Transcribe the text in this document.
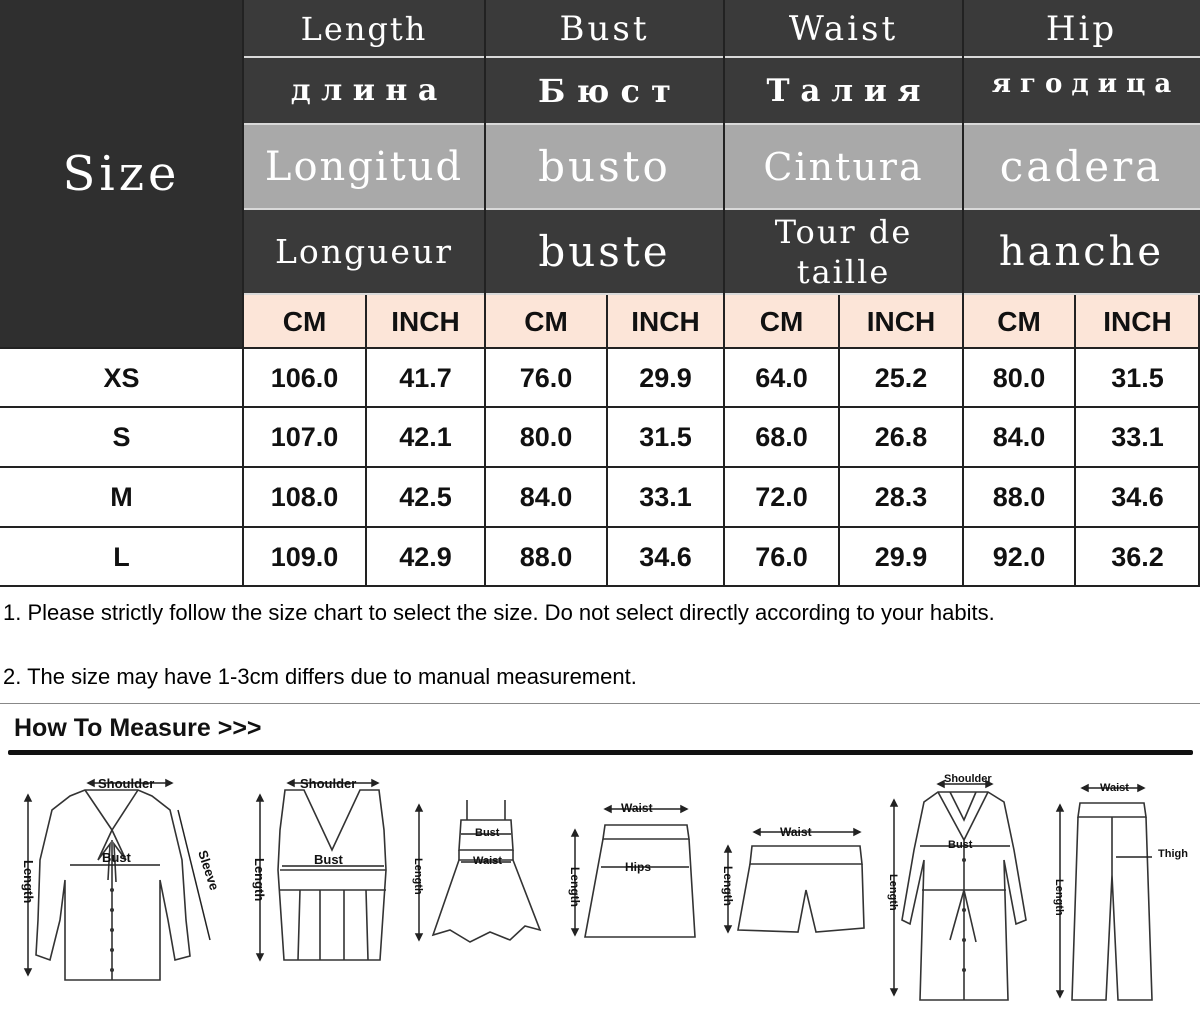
Size
Length
д л и н а
Longitud
Longueur
Bust
Б ю с т
busto
buste
Waist
Т а л и я
Cintura
Tour de taille
Hip
я г о д и ц а
cadera
hanche
CM	INCH	CM	INCH	CM	INCH	CM	INCH
XS	106.0	41.7	76.0	29.9	64.0	25.2	80.0	31.5
S	107.0	42.1	80.0	31.5	68.0	26.8	84.0	33.1
M	108.0	42.5	84.0	33.1	72.0	28.3	88.0	34.6
L	109.0	42.9	88.0	34.6	76.0	29.9	92.0	36.2
1. Please strictly follow the size chart to select the size. Do not select directly according to your habits.
2. The size may have 1-3cm differs due to manual measurement.
How To Measure >>>
Shoulder
Bust	Sleeve
Length
Shoulder
Bust
Length
Bust
Waist
Length
Waist
Hips
Length
Waist
Length
Shoulder
Bust
Length
Waist
Thigh
Length
